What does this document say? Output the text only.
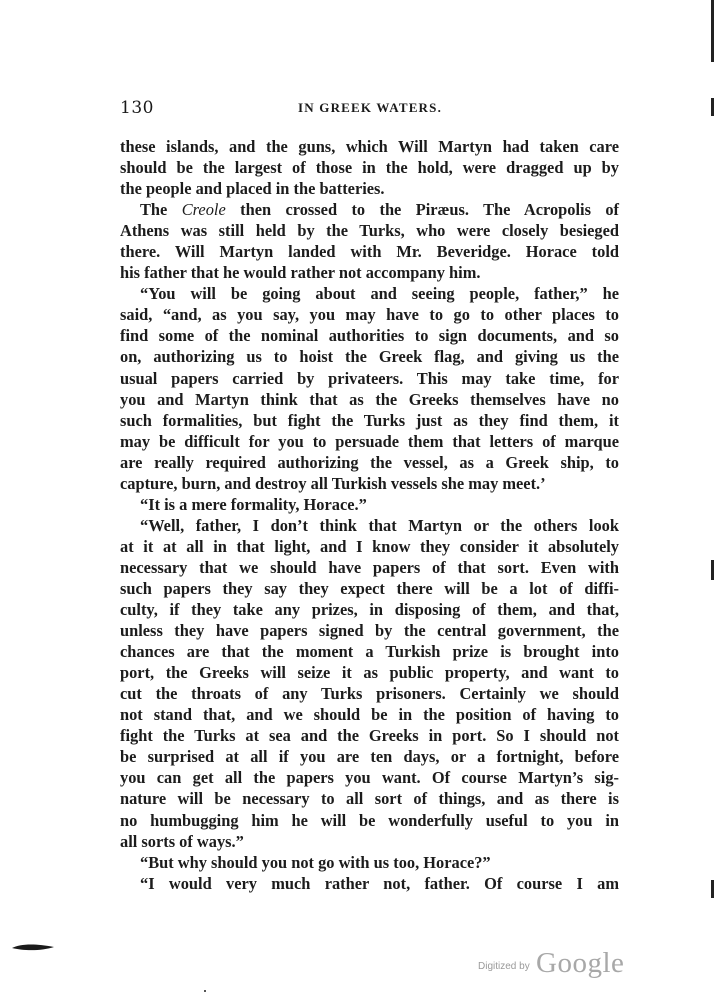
130	IN GREEK WATERS.
these islands, and the guns, which Will Martyn had taken care
should be the largest of those in the hold, were dragged up by
the people and placed in the batteries.
The Creole then crossed to the Piræus. The Acropolis of
Athens was still held by the Turks, who were closely besieged
there. Will Martyn landed with Mr. Beveridge. Horace told
his father that he would rather not accompany him.
“You will be going about and seeing people, father,” he
said, “and, as you say, you may have to go to other places to
find some of the nominal authorities to sign documents, and so
on, authorizing us to hoist the Greek flag, and giving us the
usual papers carried by privateers. This may take time, for
you and Martyn think that as the Greeks themselves have no
such formalities, but fight the Turks just as they find them, it
may be difficult for you to persuade them that letters of marque
are really required authorizing the vessel, as a Greek ship, to
capture, burn, and destroy all Turkish vessels she may meet.’
“It is a mere formality, Horace.”
“Well, father, I don’t think that Martyn or the others look
at it at all in that light, and I know they consider it absolutely
necessary that we should have papers of that sort. Even with
such papers they say they expect there will be a lot of diffi-
culty, if they take any prizes, in disposing of them, and that,
unless they have papers signed by the central government, the
chances are that the moment a Turkish prize is brought into
port, the Greeks will seize it as public property, and want to
cut the throats of any Turks prisoners. Certainly we should
not stand that, and we should be in the position of having to
fight the Turks at sea and the Greeks in port. So I should not
be surprised at all if you are ten days, or a fortnight, before
you can get all the papers you want. Of course Martyn’s sig-
nature will be necessary to all sort of things, and as there is
no humbugging him he will be wonderfully useful to you in
all sorts of ways.”
“But why should you not go with us too, Horace?”
“I would very much rather not, father. Of course I am
Digitized by Google
